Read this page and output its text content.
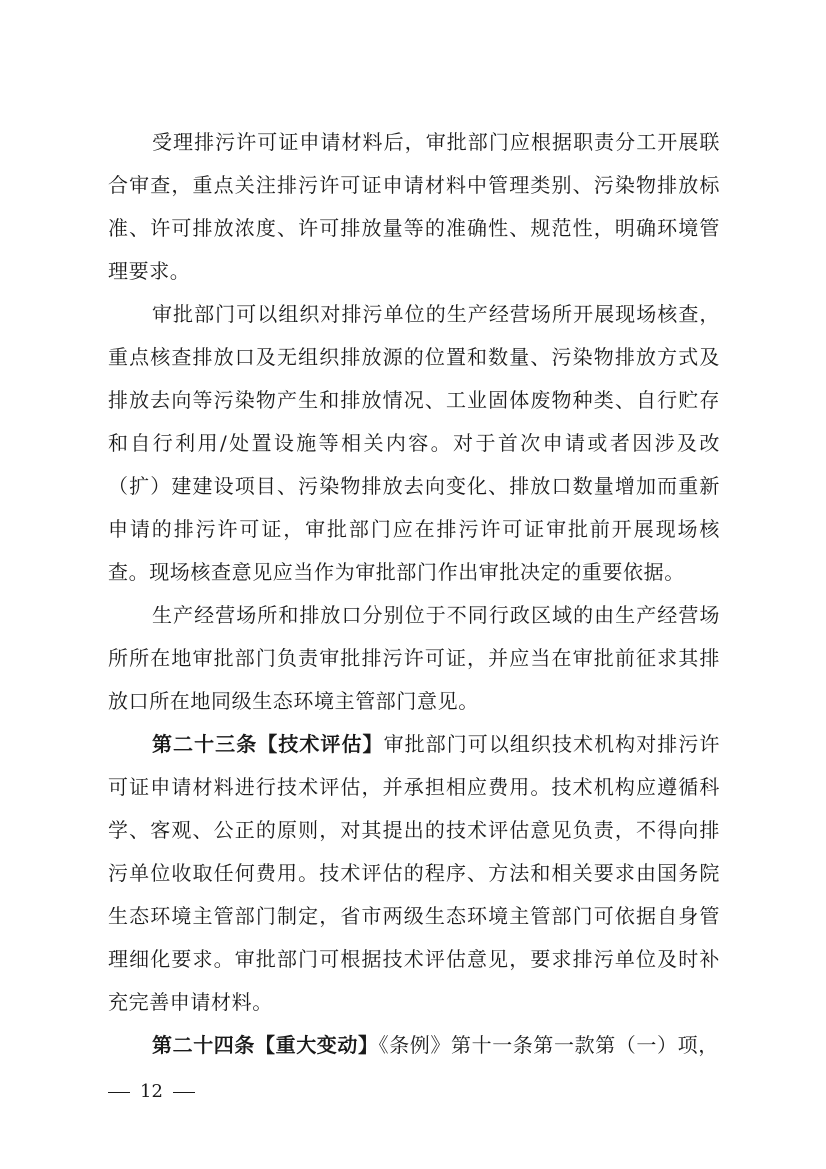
受理排污许可证申请材料后，审批部门应根据职责分工开展联合审查，重点关注排污许可证申请材料中管理类别、污染物排放标准、许可排放浓度、许可排放量等的准确性、规范性，明确环境管理要求。

审批部门可以组织对排污单位的生产经营场所开展现场核查，重点核查排放口及无组织排放源的位置和数量、污染物排放方式及排放去向等污染物产生和排放情况、工业固体废物种类、自行贮存和自行利用/处置设施等相关内容。对于首次申请或者因涉及改（扩）建建设项目、污染物排放去向变化、排放口数量增加而重新申请的排污许可证，审批部门应在排污许可证审批前开展现场核查。现场核查意见应当作为审批部门作出审批决定的重要依据。

生产经营场所和排放口分别位于不同行政区域的由生产经营场所所在地审批部门负责审批排污许可证，并应当在审批前征求其排放口所在地同级生态环境主管部门意见。

第二十三条【技术评估】审批部门可以组织技术机构对排污许可证申请材料进行技术评估，并承担相应费用。技术机构应遵循科学、客观、公正的原则，对其提出的技术评估意见负责，不得向排污单位收取任何费用。技术评估的程序、方法和相关要求由国务院生态环境主管部门制定，省市两级生态环境主管部门可依据自身管理细化要求。审批部门可根据技术评估意见，要求排污单位及时补充完善申请材料。

第二十四条【重大变动】《条例》第十一条第一款第（一）项，

12
